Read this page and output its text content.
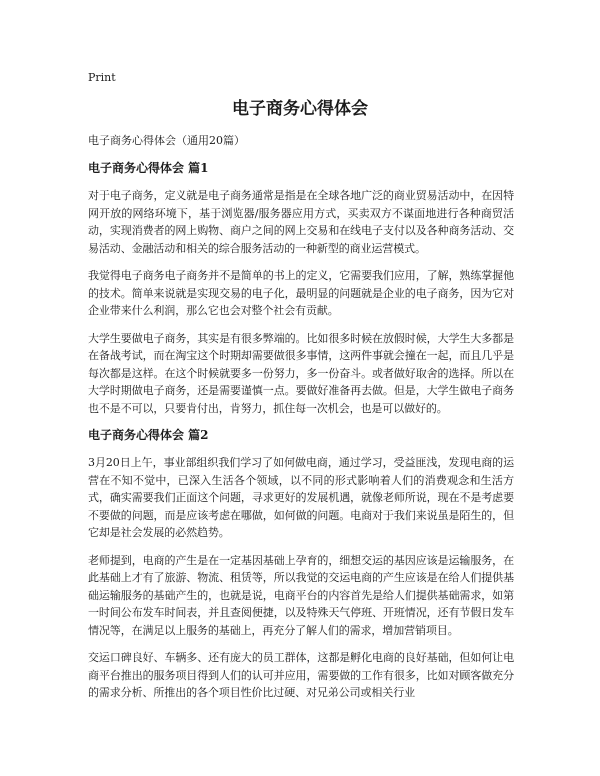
Print
电子商务心得体会

电子商务心得体会（通用20篇）

电子商务心得体会 篇1

对于电子商务，定义就是电子商务通常是指是在全球各地广泛的商业贸易活动中，在因特网开放的网络环境下，基于浏览器/服务器应用方式，买卖双方不谋面地进行各种商贸活动，实现消费者的网上购物、商户之间的网上交易和在线电子支付以及各种商务活动、交易活动、金融活动和相关的综合服务活动的一种新型的商业运营模式。

我觉得电子商务电子商务并不是简单的书上的定义，它需要我们应用，了解，熟练掌握他的技术。简单来说就是实现交易的电子化，最明显的问题就是企业的电子商务，因为它对企业带来什么利润，那么它也会对整个社会有贡献。

大学生要做电子商务，其实是有很多弊端的。比如很多时候在放假时候，大学生大多都是在备战考试，而在淘宝这个时期却需要做很多事情，这两件事就会撞在一起，而且几乎是每次都是这样。在这个时候就要多一份努力，多一份奋斗。或者做好取舍的选择。所以在大学时期做电子商务，还是需要谨慎一点。要做好准备再去做。但是，大学生做电子商务也不是不可以，只要肯付出，肯努力，抓住每一次机会，也是可以做好的。

电子商务心得体会 篇2

3月20日上午，事业部组织我们学习了如何做电商，通过学习，受益匪浅，发现电商的运营在不知不觉中，已深入生活各个领域，以不同的形式影响着人们的消费观念和生活方式，确实需要我们正面这个问题，寻求更好的发展机遇，就像老师所说，现在不是考虑要不要做的问题，而是应该考虑在哪做，如何做的问题。电商对于我们来说虽是陌生的，但它却是社会发展的必然趋势。

老师提到，电商的产生是在一定基因基础上孕育的，细想交运的基因应该是运输服务，在此基础上才有了旅游、物流、租赁等，所以我觉的交运电商的产生应该是在给人们提供基础运输服务的基础产生的，也就是说，电商平台的内容首先是给人们提供基础需求，如第一时间公布发车时间表，并且查阅便捷，以及特殊天气停班、开班情况，还有节假日发车情况等，在满足以上服务的基础上，再充分了解人们的需求，增加营销项目。

交运口碑良好、车辆多、还有庞大的员工群体，这都是孵化电商的良好基础，但如何让电商平台推出的服务项目得到人们的认可并应用，需要做的工作有很多，比如对顾客做充分的需求分析、所推出的各个项目性价比过硬、对兄弟公司或相关行业
